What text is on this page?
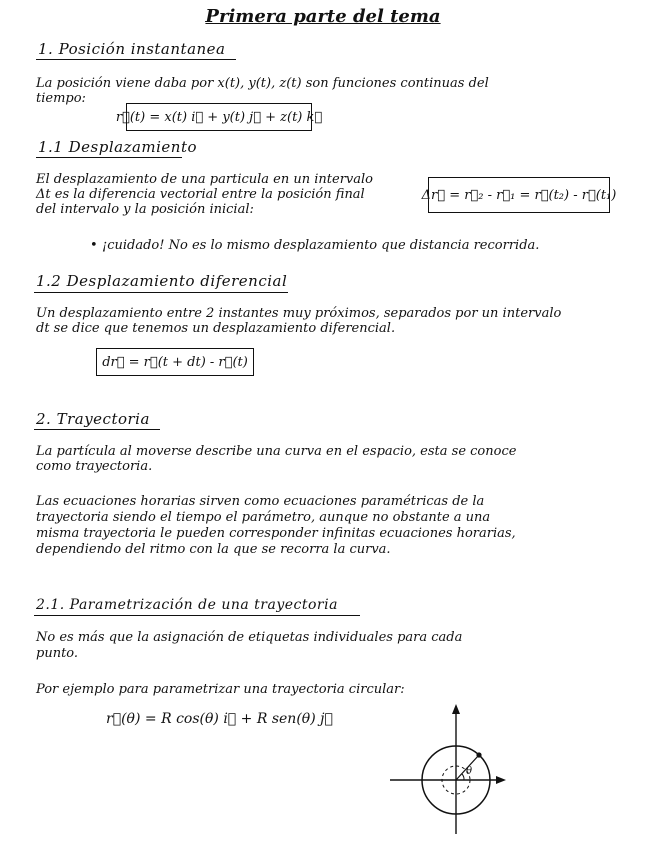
Primera parte del tema
1. Posición instantanea
La posición viene daba por x(t), y(t), z(t) son funciones continuas del
tiempo:
r⃗(t) = x(t) i⃗ + y(t) j⃗ + z(t) k⃗
1.1 Desplazamiento
El desplazamiento de una particula en un intervalo
Δt es la diferencia vectorial entre la posición final
del intervalo y la posición inicial:
Δr⃗ = r⃗₂ - r⃗₁ = r⃗(t₂) - r⃗(t₁)
• ¡cuidado! No es lo mismo desplazamiento que distancia recorrida.
1.2 Desplazamiento diferencial
Un desplazamiento entre 2 instantes muy próximos, separados por un intervalo
dt se dice que tenemos un desplazamiento diferencial.
dr⃗ = r⃗(t + dt) - r⃗(t)
2. Trayectoria
La partícula al moverse describe una curva en el espacio, esta se conoce
como trayectoria.
Las ecuaciones horarias sirven como ecuaciones paramétricas de la
trayectoria siendo el tiempo el parámetro, aunque no obstante a una
misma trayectoria le pueden corresponder infinitas ecuaciones horarias,
dependiendo del ritmo con la que se recorra la curva.
2.1. Parametrización de una trayectoria
No es más que la asignación de etiquetas individuales para cada
punto.
Por ejemplo para parametrizar una trayectoria circular:
r⃗(θ) = R cos(θ) i⃗ + R sen(θ) j⃗
θ
